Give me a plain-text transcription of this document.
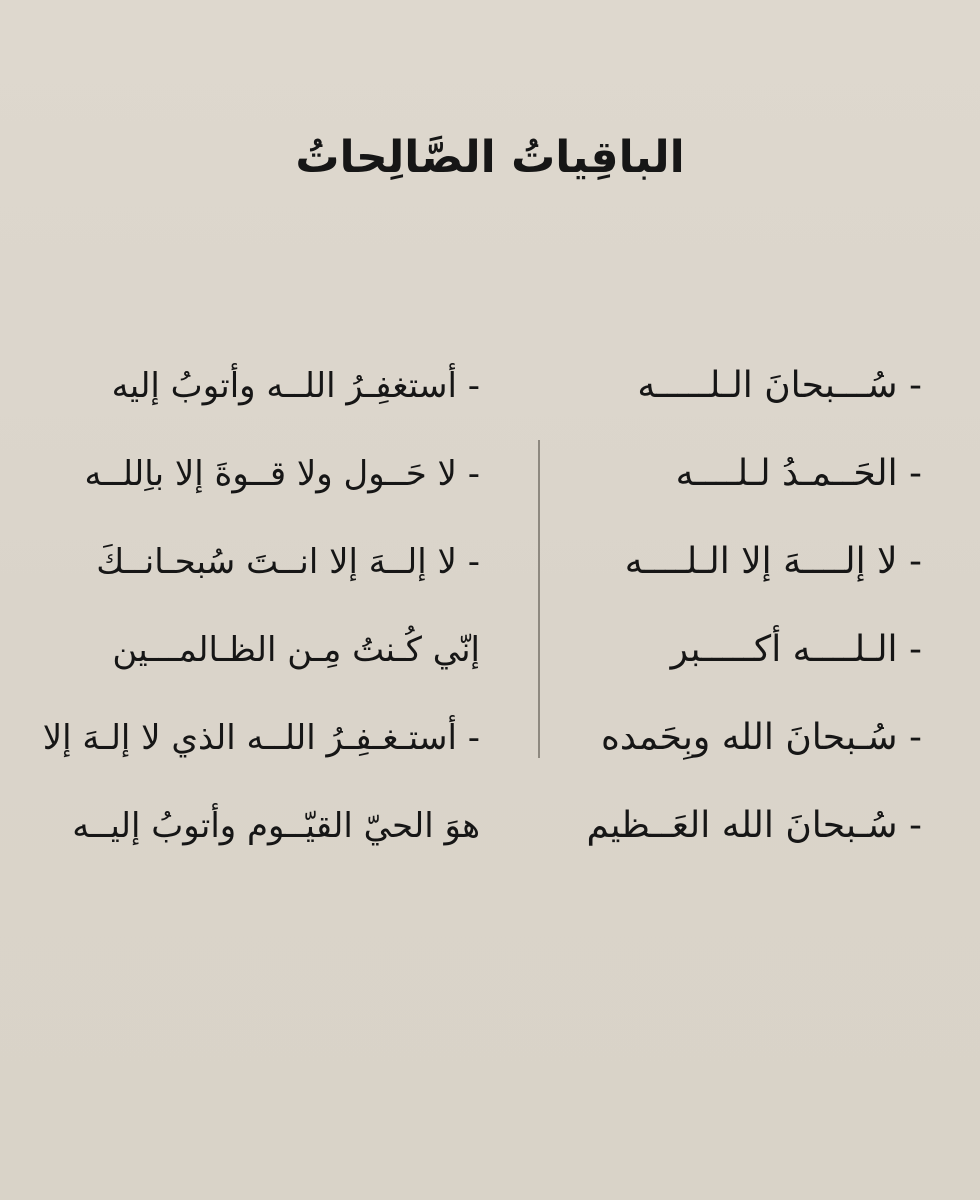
الباقِياتُ الصَّالِحاتُ
- سُـــبحانَ الـلـــــه
- الحَــمـدُ لـلــــه
- لا إلــــهَ إلا الـلــــه
- الـلــــه أكـــــبر
- سُـبحانَ الله وبِحَمده
- سُـبحانَ الله العَــظيم
- أستغفِـرُ اللــه وأتوبُ إليه
- لا حَــول ولا قــوةَ إلا باِللــه
- لا إلــهَ إلا انــتَ سُبحـانــكَ
إنّي كُـنتُ مِـن الظـالمـــين
- أستـغـفِـرُ اللــه الذي لا إلـهَ إلا
هوَ الحيّ القيّــوم وأتوبُ إليــه
